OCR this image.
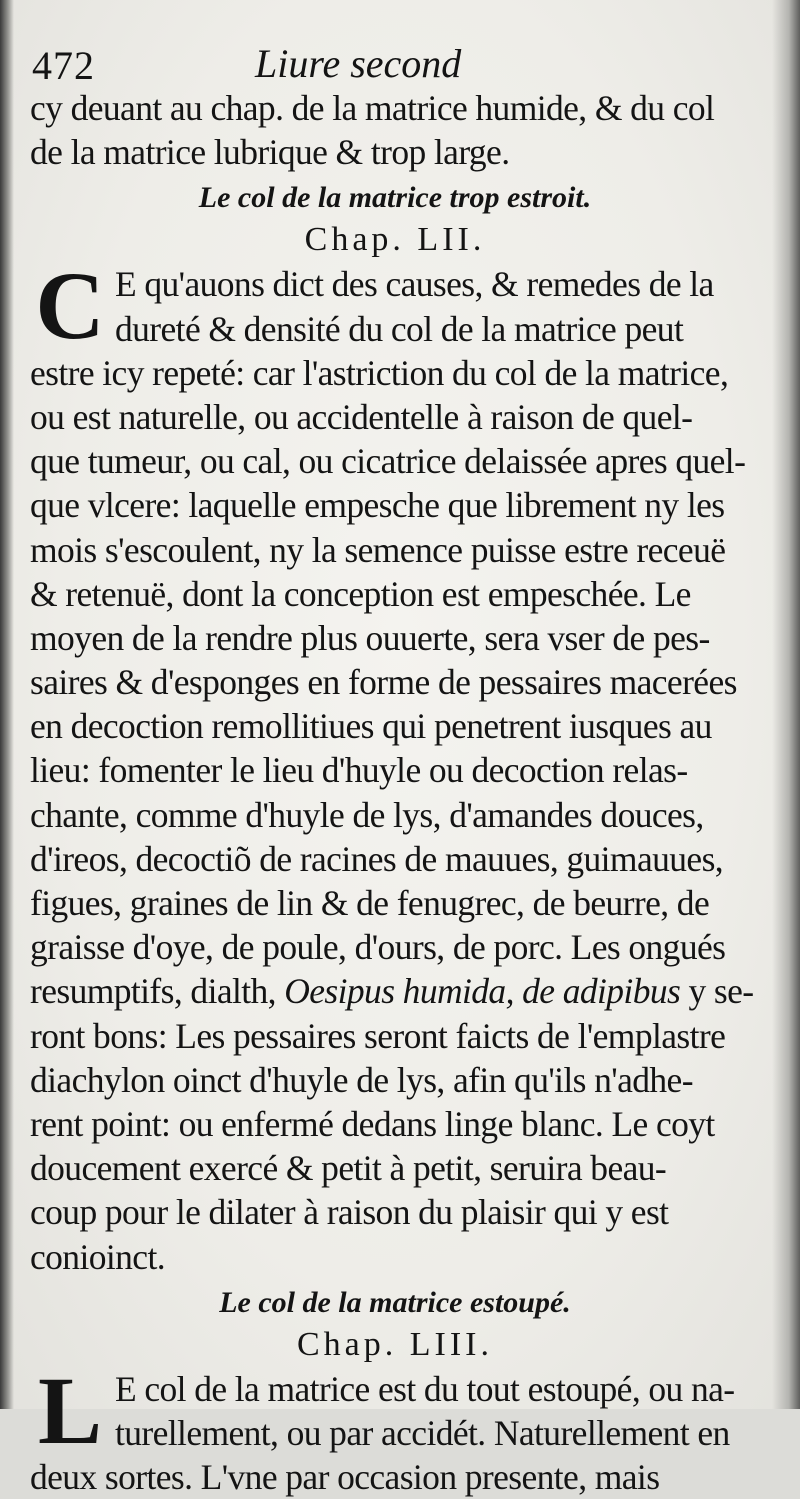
472	Liure second
cy deuant au chap. de la matrice humide, & du col
de la matrice lubrique & trop large.
Le col de la matrice trop estroit.
Chap. LII.
C E qu'auons dict des causes, & remedes de la
dureté & densité du col de la matrice peut
estre icy repeté: car l'astriction du col de la matrice,
ou est naturelle, ou accidentelle à raison de quel-
que tumeur, ou cal, ou cicatrice delaissée apres quel-
que vlcere: laquelle empesche que librement ny les
mois s'escoulent, ny la semence puisse estre receuë
& retenuë, dont la conception est empeschée. Le
moyen de la rendre plus ouuerte, sera vser de pes-
saires & d'esponges en forme de pessaires macerées
en decoction remollitiues qui penetrent iusques au
lieu: fomenter le lieu d'huyle ou decoction relas-
chante, comme d'huyle de lys, d'amandes douces,
d'ireos, decoctiõ de racines de mauues, guimauues,
figues, graines de lin & de fenugrec, de beurre, de
graisse d'oye, de poule, d'ours, de porc. Les ongués
resumptifs, dialth, Oesipus humida, de adipibus y se-
ront bons: Les pessaires seront faicts de l'emplastre
diachylon oinct d'huyle de lys, afin qu'ils n'adhe-
rent point: ou enfermé dedans linge blanc. Le coyt
doucement exercé & petit à petit, seruira beau-
coup pour le dilater à raison du plaisir qui y est
conioinct.
Le col de la matrice estoupé.
Chap. LIII.
L E col de la matrice est du tout estoupé, ou na-
turellement, ou par accidét. Naturellement en
deux sortes. L'vne par occasion presente, mais
